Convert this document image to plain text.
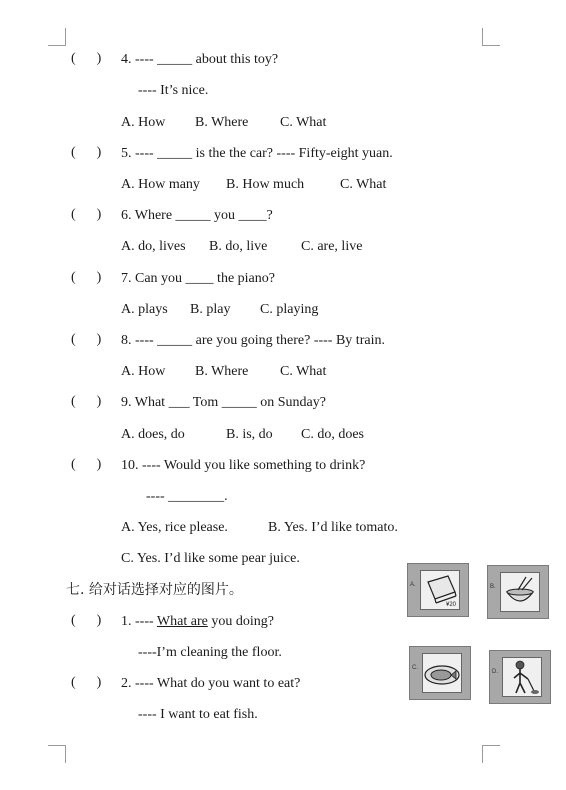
(      ) 4. ---- _____ about this toy?
---- It’s nice.
A. How B. Where C. What
(      ) 5. ---- _____ is the the car? ---- Fifty-eight yuan.
A. How many B. How much	C. What
(      ) 6. Where _____ you ____?
A. do, lives B. do, live C. are, live
(      ) 7. Can you ____ the piano?
A. plays B. play C. playing
(      ) 8. ---- _____ are you going there? ---- By train.
A. How B. Where C. What
(      ) 9. What ___ Tom _____ on Sunday?
A. does, do	B. is, do C. do, does
(      ) 10. ---- Would you like something to drink?
---- ________.
A. Yes, rice please.	B. Yes. I’d like tomato.
C. Yes. I’d like some pear juice.
七. 给对话选择对应的图片。
(      ) 1. ---- What are you doing?
----I’m cleaning the floor.
(      ) 2. ---- What do you want to eat?
---- I want to eat fish.
A.
¥20
B.
C.
D.
